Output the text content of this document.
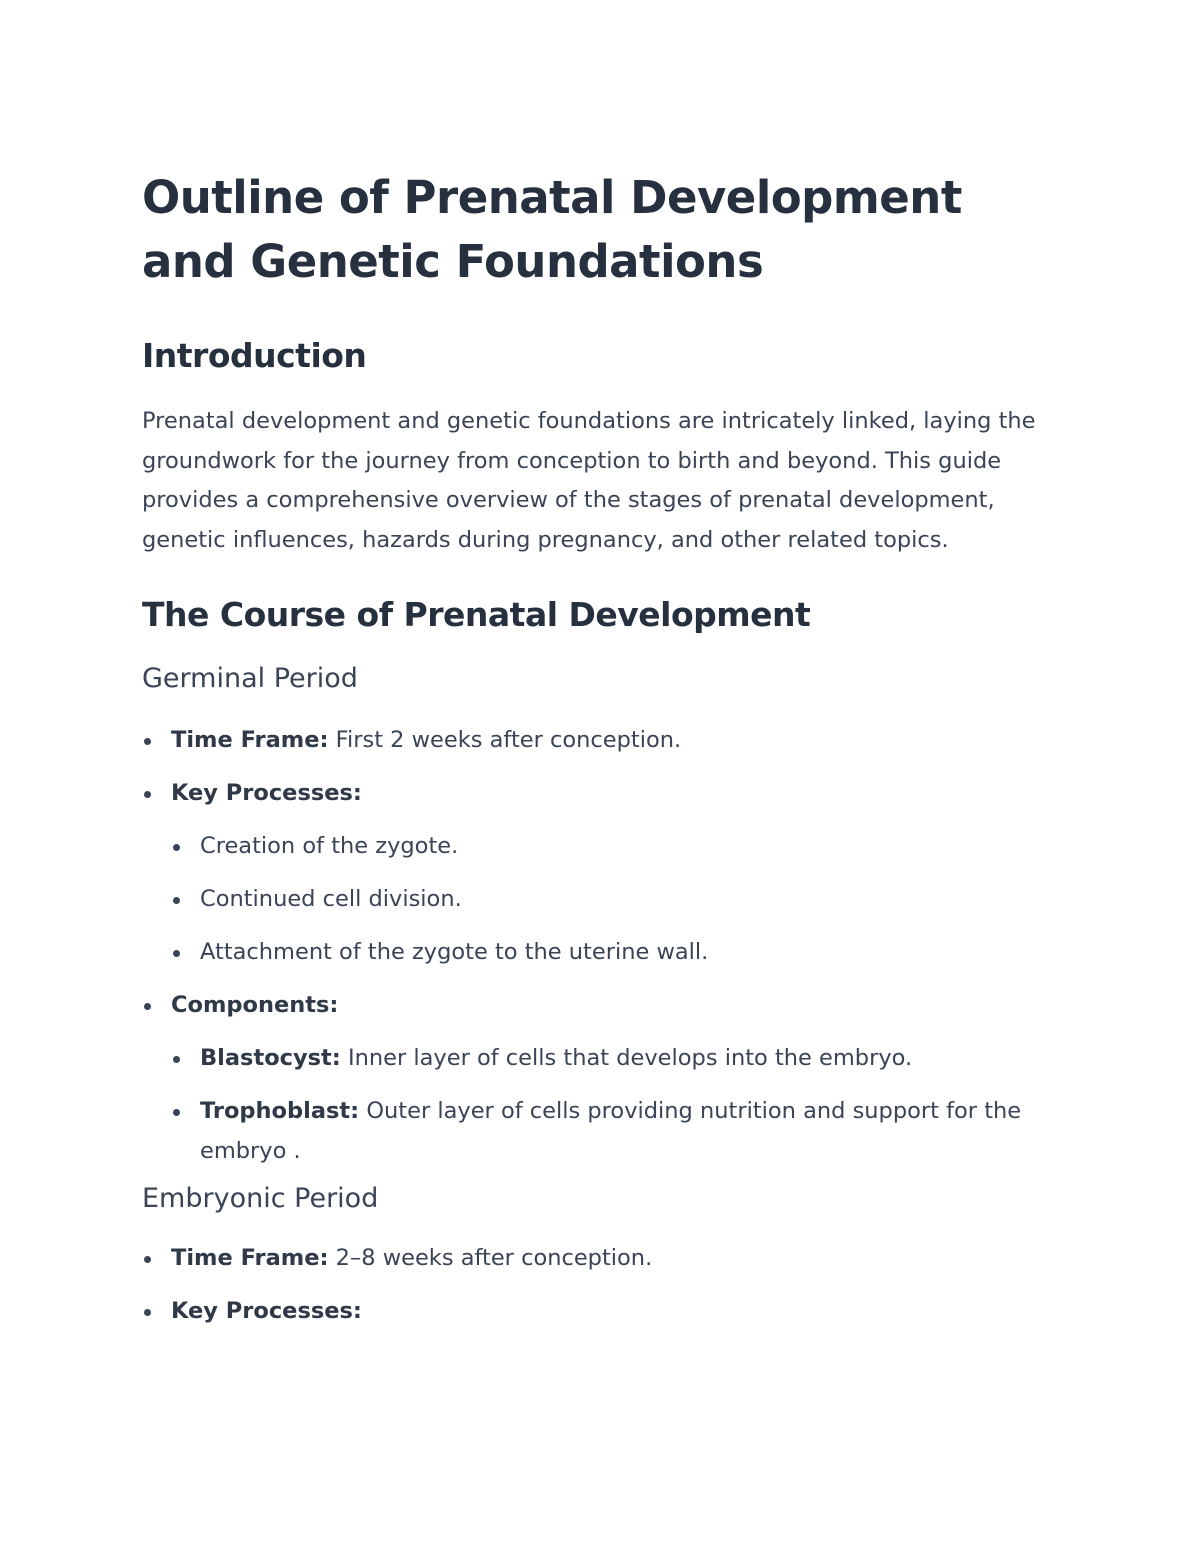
Outline of Prenatal Development and Genetic Foundations
Introduction

Prenatal development and genetic foundations are intricately linked, laying the groundwork for the journey from conception to birth and beyond. This guide provides a comprehensive overview of the stages of prenatal development, genetic influences, hazards during pregnancy, and other related topics.

The Course of Prenatal Development
Germinal Period
Time Frame: First 2 weeks after conception.
Key Processes:
Creation of the zygote.
Continued cell division.
Attachment of the zygote to the uterine wall.
Components:
Blastocyst: Inner layer of cells that develops into the embryo.
Trophoblast: Outer layer of cells providing nutrition and support for the embryo .
Embryonic Period
Time Frame: 2–8 weeks after conception.
Key Processes:
